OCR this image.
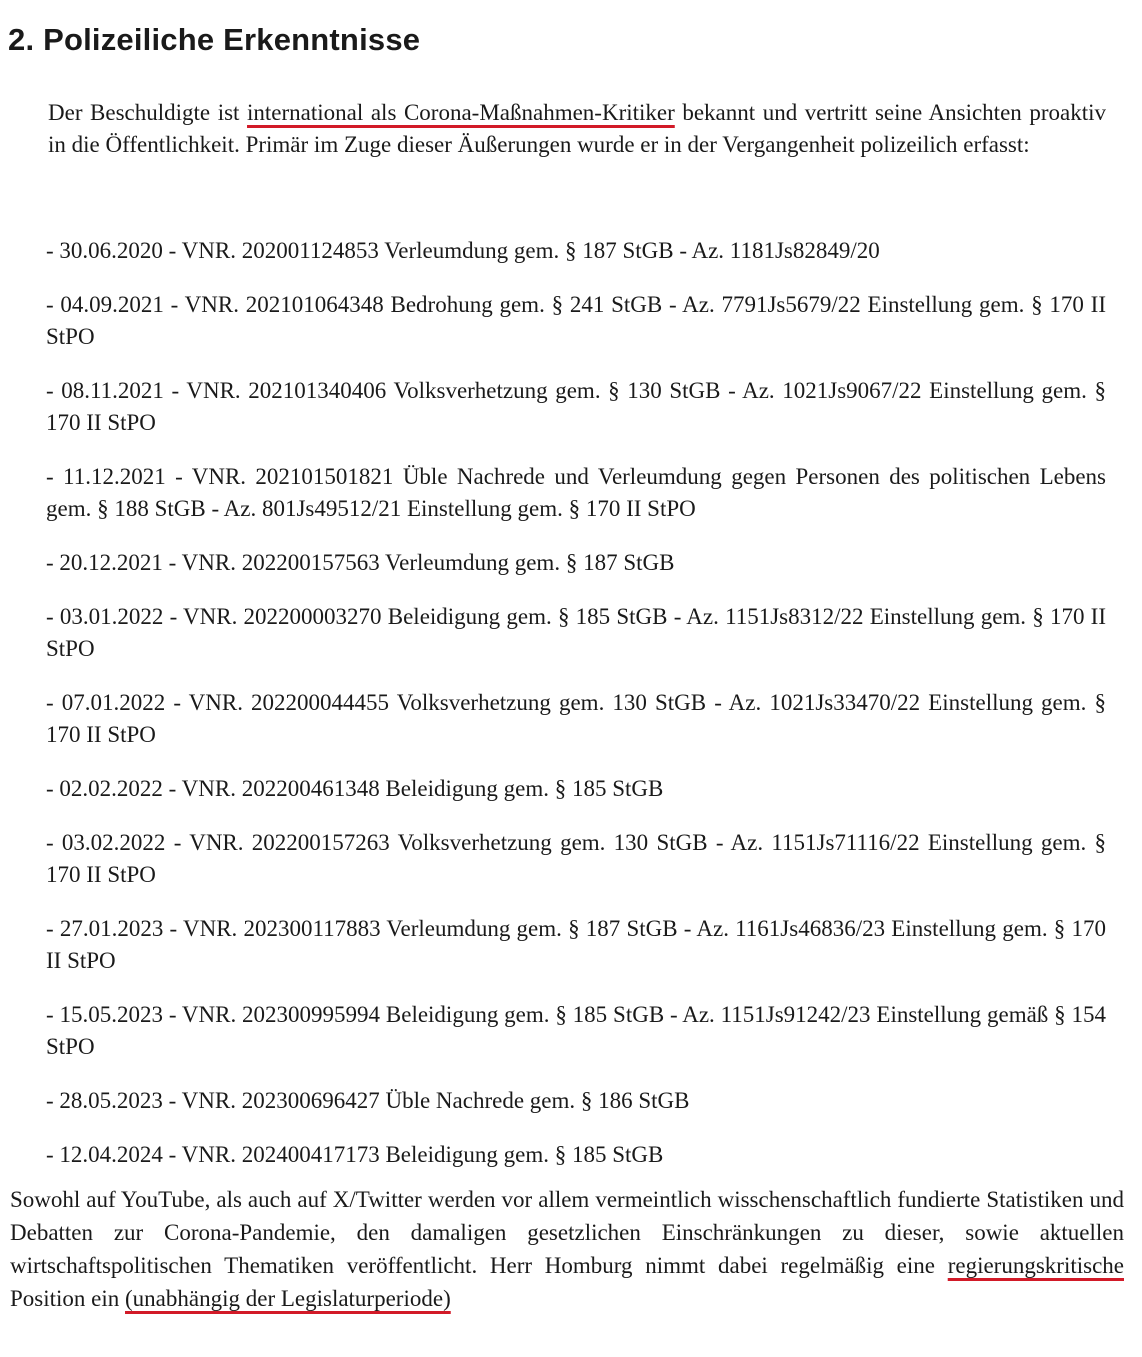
2. Polizeiliche Erkenntnisse

Der Beschuldigte ist international als Corona-Maßnahmen-Kritiker bekannt und vertritt seine Ansichten proaktiv in die Öffentlichkeit. Primär im Zuge dieser Äußerungen wurde er in der Vergangenheit polizeilich erfasst:

- 30.06.2020 - VNR. 202001124853 Verleumdung gem. § 187 StGB - Az. 1181Js82849/20
- 04.09.2021 - VNR. 202101064348 Bedrohung gem. § 241 StGB - Az. 7791Js5679/22 Einstellung gem. § 170 II StPO
- 08.11.2021 - VNR. 202101340406 Volksverhetzung gem. § 130 StGB - Az. 1021Js9067/22 Einstellung gem. § 170 II StPO
- 11.12.2021 - VNR. 202101501821 Üble Nachrede und Verleumdung gegen Personen des politischen Lebens gem. § 188 StGB - Az. 801Js49512/21 Einstellung gem. § 170 II StPO
- 20.12.2021 - VNR. 202200157563 Verleumdung gem. § 187 StGB
- 03.01.2022 - VNR. 202200003270 Beleidigung gem. § 185 StGB - Az. 1151Js8312/22 Einstellung gem. § 170 II StPO
- 07.01.2022 - VNR. 202200044455 Volksverhetzung gem. 130 StGB - Az. 1021Js33470/22 Einstellung gem. § 170 II StPO
- 02.02.2022 - VNR. 202200461348 Beleidigung gem. § 185 StGB
- 03.02.2022 - VNR. 202200157263 Volksverhetzung gem. 130 StGB - Az. 1151Js71116/22 Einstellung gem. § 170 II StPO
- 27.01.2023 - VNR. 202300117883 Verleumdung gem. § 187 StGB - Az. 1161Js46836/23 Einstellung gem. § 170 II StPO
- 15.05.2023 - VNR. 202300995994 Beleidigung gem. § 185 StGB - Az. 1151Js91242/23 Einstellung gemäß § 154 StPO
- 28.05.2023 - VNR. 202300696427 Üble Nachrede gem. § 186 StGB
- 12.04.2024 - VNR. 202400417173 Beleidigung gem. § 185 StGB

Sowohl auf YouTube, als auch auf X/Twitter werden vor allem vermeintlich wisschenschaftlich fundierte Statistiken und Debatten zur Corona-Pandemie, den damaligen gesetzlichen Einschränkungen zu dieser, sowie aktuellen wirtschaftspolitischen Thematiken veröffentlicht. Herr Homburg nimmt dabei regelmäßig eine regierungskritische Position ein (unabhängig der Legislaturperiode)
